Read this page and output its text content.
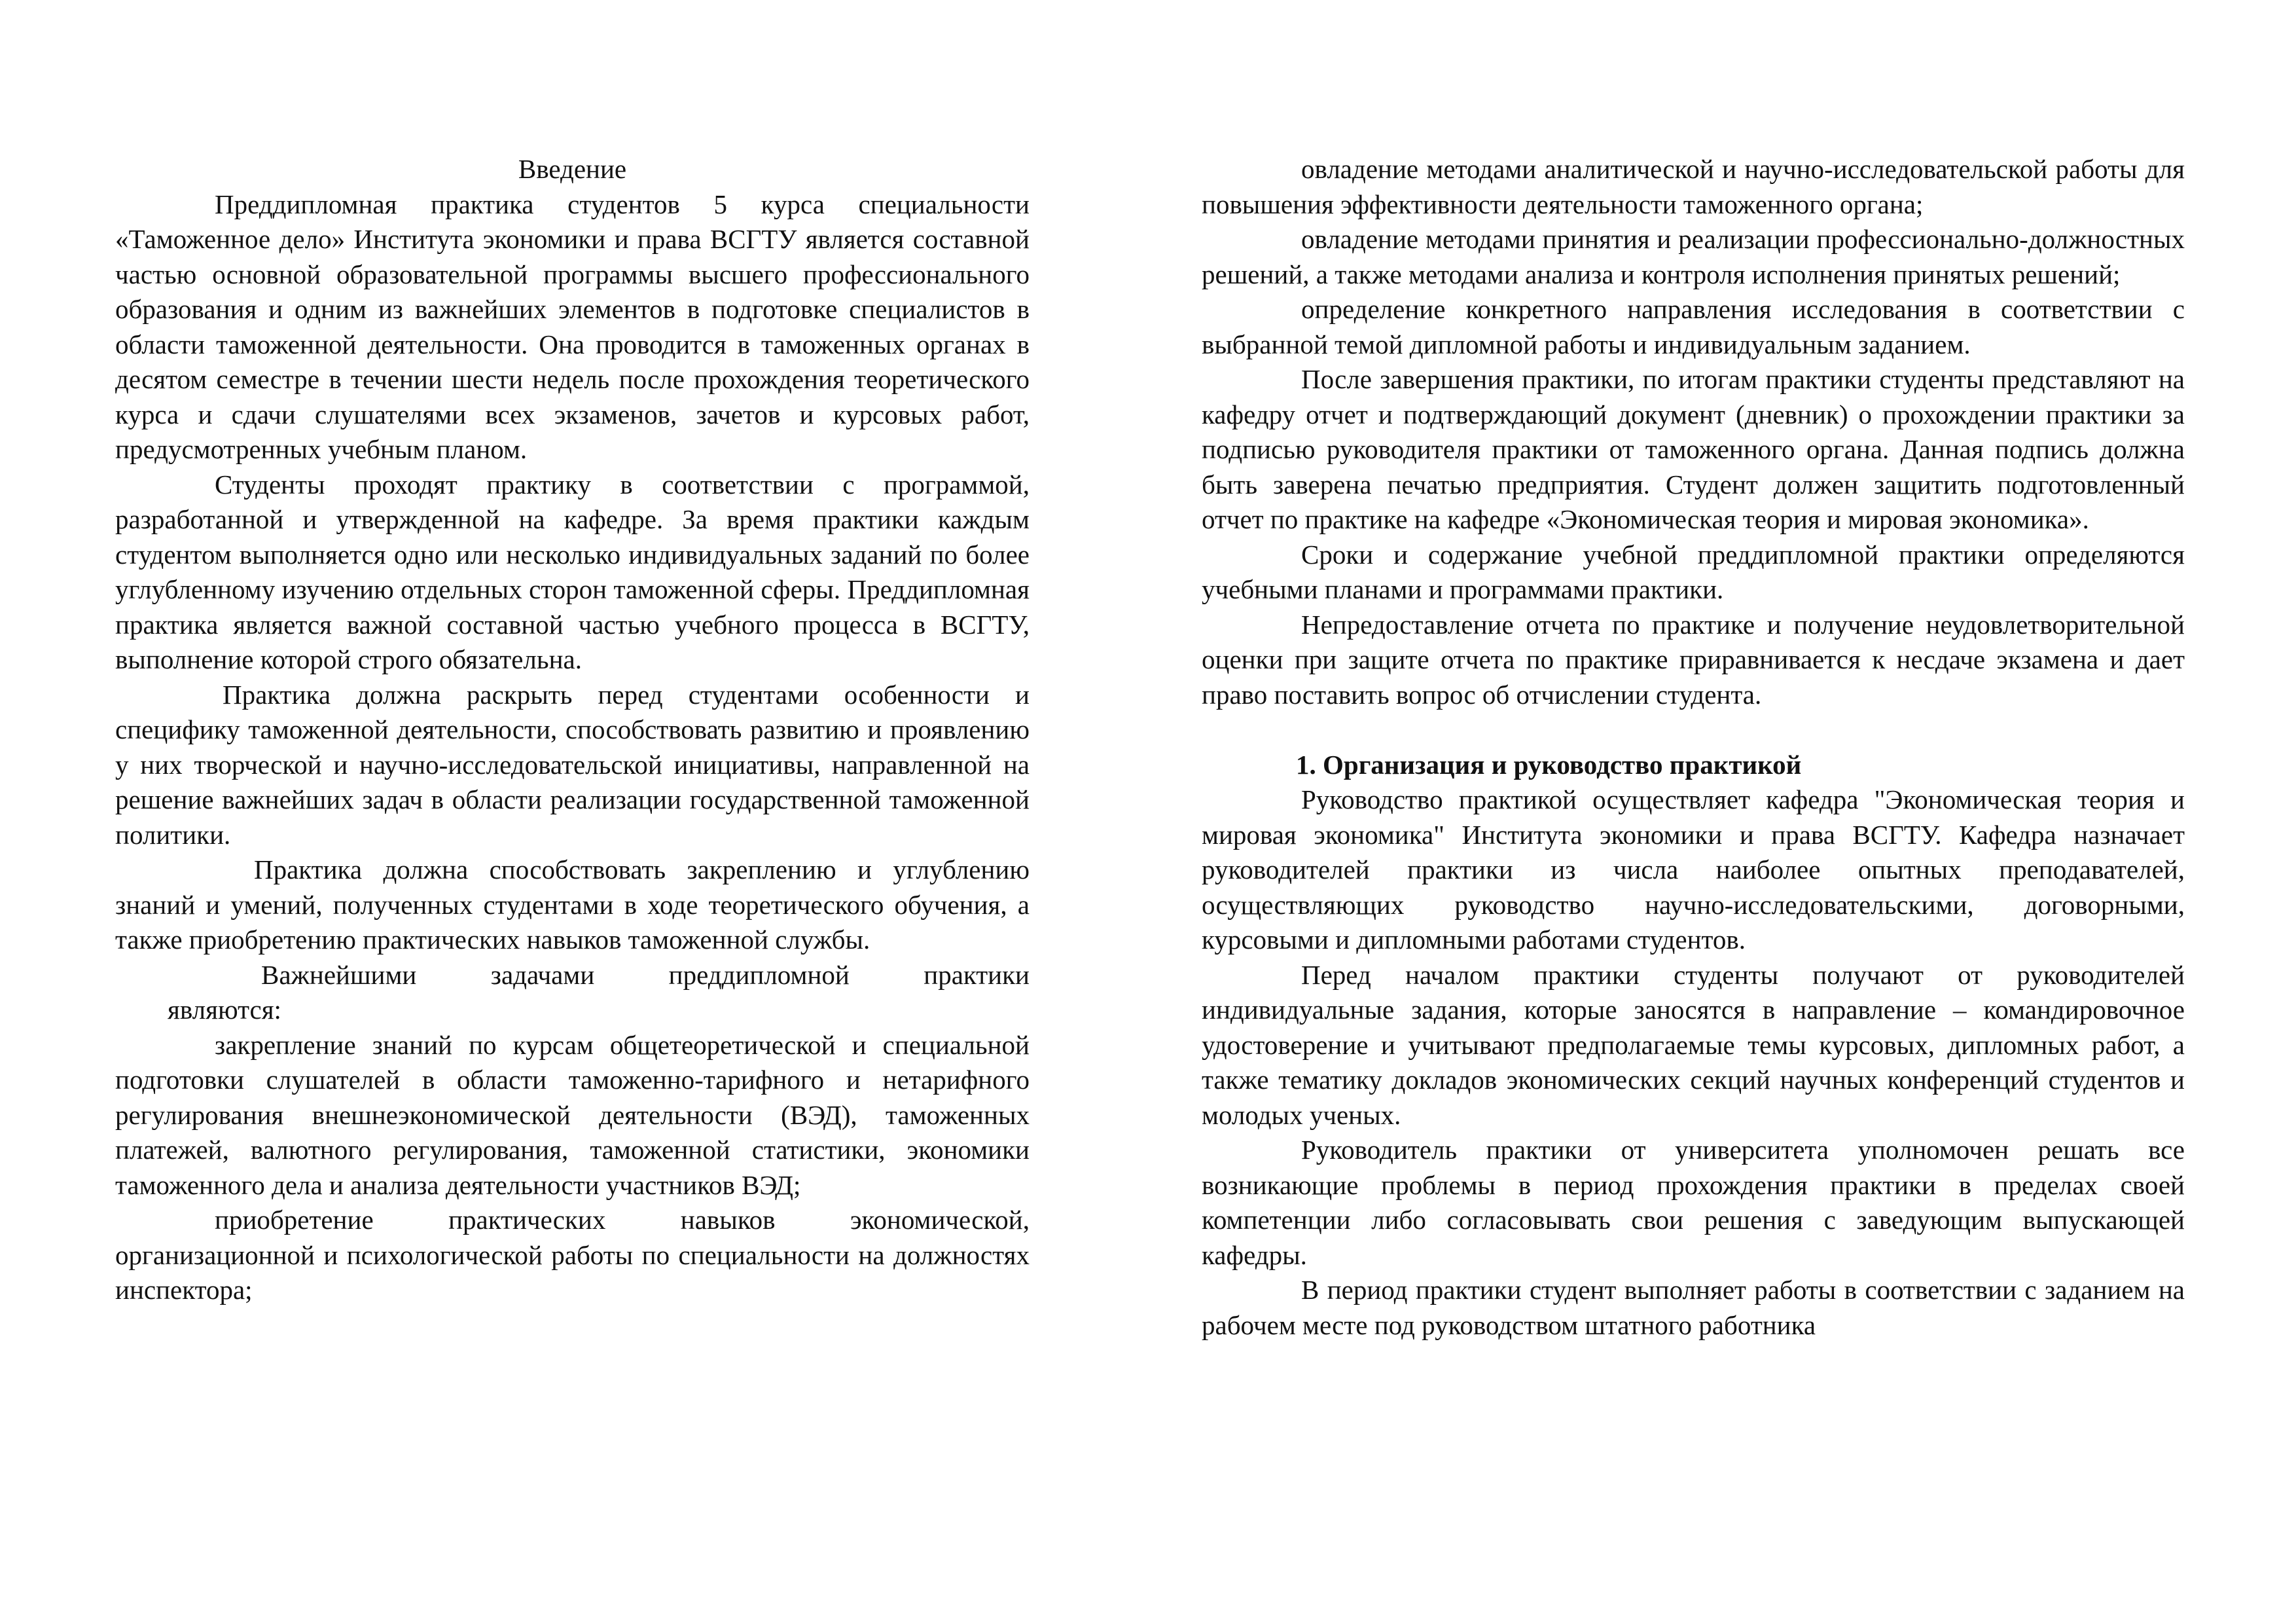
Введение

Преддипломная практика студентов 5 курса специальности «Таможенное дело» Института экономики и права ВСГТУ является составной частью основной образовательной программы высшего профессионального образования и одним из важнейших элементов в подготовке специалистов в области таможенной деятельности. Она проводится в таможенных органах в десятом семестре в течении шести недель после прохождения теоретического курса и сдачи слушателями всех экзаменов, зачетов и курсовых работ, предусмотренных учебным планом.

Студенты проходят практику в соответствии с программой, разработанной и утвержденной на кафедре. За время практики каждым студентом выполняется одно или несколько индивидуальных заданий по более углубленному изучению отдельных сторон таможенной сферы. Преддипломная практика является важной составной частью учебного процесса в ВСГТУ, выполнение которой строго обязательна.

Практика должна раскрыть перед студентами особенности и специфику таможенной деятельности, способствовать развитию и проявлению у них творческой и научно-исследовательской инициативы, направленной на решение важнейших задач в области реализации государственной таможенной политики.

Практика должна способствовать закреплению и углублению знаний и умений, полученных студентами в ходе теоретического обучения, а также приобретению практических навыков таможенной службы.

Важнейшими задачами преддипломной практики

являются:

закрепление знаний по курсам общетеоретической и специальной подготовки слушателей в области таможенно-тарифного и нетарифного регулирования внешнеэкономической деятельности (ВЭД), таможенных платежей, валютного регулирования, таможенной статистики, экономики таможенного дела и анализа деятельности участников ВЭД;

приобретение практических навыков экономической, организационной и психологической работы по специальности на должностях инспектора;

овладение методами аналитической и научно-исследовательской работы для повышения эффективности деятельности таможенного органа;

овладение методами принятия и реализации профессионально-должностных решений, а также методами анализа и контроля исполнения принятых решений;

определение конкретного направления исследования в соответствии с выбранной темой дипломной работы и индивидуальным заданием.

После завершения практики, по итогам практики студенты представляют на кафедру отчет и подтверждающий документ (дневник) о прохождении практики за подписью руководителя практики от таможенного органа. Данная подпись должна быть заверена печатью предприятия. Студент должен защитить подготовленный отчет по практике на кафедре «Экономическая теория и мировая экономика».

Сроки и содержание учебной преддипломной практики определяются учебными планами и программами практики.

Непредоставление отчета по практике и получение неудовлетворительной оценки при защите отчета по практике приравнивается к несдаче экзамена и дает право поставить вопрос об отчислении студента.

1. Организация и руководство практикой

Руководство практикой осуществляет кафедра "Экономическая теория и мировая экономика" Института экономики и права ВСГТУ. Кафедра назначает руководителей практики из числа наиболее опытных преподавателей, осуществляющих руководство научно-исследовательскими, договорными, курсовыми и дипломными работами студентов.

Перед началом практики студенты получают от руководителей индивидуальные задания, которые заносятся в направление – командировочное удостоверение и учитывают предполагаемые темы курсовых, дипломных работ, а также тематику докладов экономических секций научных конференций студентов и молодых ученых.

Руководитель практики от университета уполномочен решать все возникающие проблемы в период прохождения практики в пределах своей компетенции либо согласовывать свои решения с заведующим выпускающей кафедры.

В период практики студент выполняет работы в соответствии с заданием на рабочем месте под руководством штатного работника
